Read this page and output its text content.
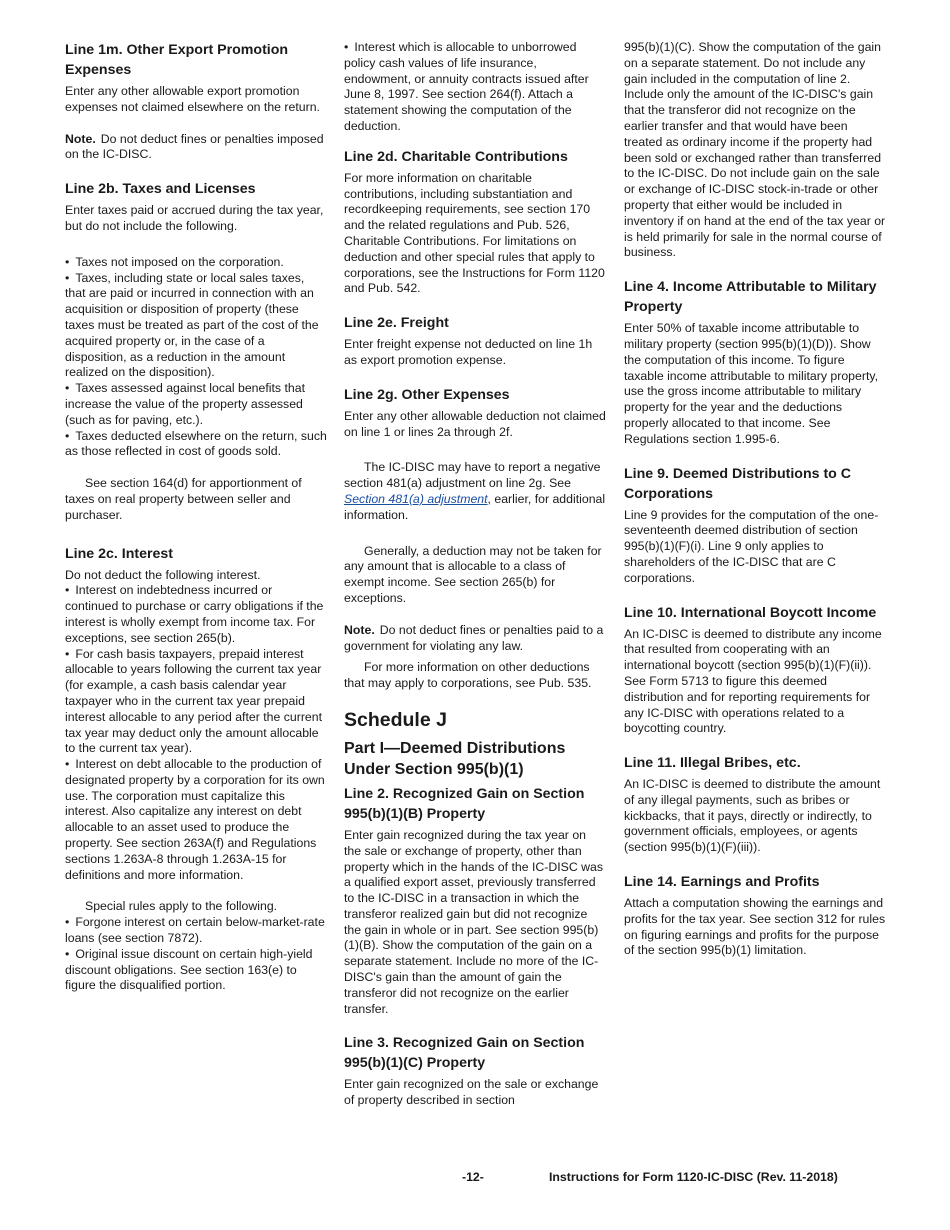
Line 1m. Other Export Promotion Expenses

Enter any other allowable export promotion expenses not claimed elsewhere on the return.

Note. Do not deduct fines or penalties imposed on the IC-DISC.

Line 2b. Taxes and Licenses

Enter taxes paid or accrued during the tax year, but do not include the following.

• Taxes not imposed on the corporation.
• Taxes, including state or local sales taxes, that are paid or incurred in connection with an acquisition or disposition of property (these taxes must be treated as part of the cost of the acquired property or, in the case of a disposition, as a reduction in the amount realized on the disposition).
• Taxes assessed against local benefits that increase the value of the property assessed (such as for paving, etc.).
• Taxes deducted elsewhere on the return, such as those reflected in cost of goods sold.

See section 164(d) for apportionment of taxes on real property between seller and purchaser.

Line 2c. Interest

Do not deduct the following interest.

• Interest on indebtedness incurred or continued to purchase or carry obligations if the interest is wholly exempt from income tax. For exceptions, see section 265(b).
• For cash basis taxpayers, prepaid interest allocable to years following the current tax year (for example, a cash basis calendar year taxpayer who in the current tax year prepaid interest allocable to any period after the current tax year may deduct only the amount allocable to the current tax year).
• Interest on debt allocable to the production of designated property by a corporation for its own use. The corporation must capitalize this interest. Also capitalize any interest on debt allocable to an asset used to produce the property. See section 263A(f) and Regulations sections 1.263A-8 through 1.263A-15 for definitions and more information.

Special rules apply to the following.

• Forgone interest on certain below-market-rate loans (see section 7872).
• Original issue discount on certain high-yield discount obligations. See section 163(e) to figure the disqualified portion.
• Interest which is allocable to unborrowed policy cash values of life insurance, endowment, or annuity contracts issued after June 8, 1997. See section 264(f). Attach a statement showing the computation of the deduction.
Line 2d. Charitable Contributions

For more information on charitable contributions, including substantiation and recordkeeping requirements, see section 170 and the related regulations and Pub. 526, Charitable Contributions. For limitations on deduction and other special rules that apply to corporations, see the Instructions for Form 1120 and Pub. 542.

Line 2e. Freight

Enter freight expense not deducted on line 1h as export promotion expense.

Line 2g. Other Expenses

Enter any other allowable deduction not claimed on line 1 or lines 2a through 2f.

The IC-DISC may have to report a negative section 481(a) adjustment on line 2g. See Section 481(a) adjustment, earlier, for additional information.

Generally, a deduction may not be taken for any amount that is allocable to a class of exempt income. See section 265(b) for exceptions.

Note. Do not deduct fines or penalties paid to a government for violating any law.

For more information on other deductions that may apply to corporations, see Pub. 535.

Schedule J
Part I—Deemed Distributions Under Section 995(b)(1)
Line 2. Recognized Gain on Section 995(b)(1)(B) Property

Enter gain recognized during the tax year on the sale or exchange of property, other than property which in the hands of the IC-DISC was a qualified export asset, previously transferred to the IC-DISC in a transaction in which the transferor realized gain but did not recognize the gain in whole or in part. See section 995(b)(1)(B). Show the computation of the gain on a separate statement. Include no more of the IC-DISC's gain than the amount of gain the transferor did not recognize on the earlier transfer.

Line 3. Recognized Gain on Section 995(b)(1)(C) Property

Enter gain recognized on the sale or exchange of property described in section

995(b)(1)(C). Show the computation of the gain on a separate statement. Do not include any gain included in the computation of line 2. Include only the amount of the IC-DISC's gain that the transferor did not recognize on the earlier transfer and that would have been treated as ordinary income if the property had been sold or exchanged rather than transferred to the IC-DISC. Do not include gain on the sale or exchange of IC-DISC stock-in-trade or other property that either would be included in inventory if on hand at the end of the tax year or is held primarily for sale in the normal course of business.

Line 4. Income Attributable to Military Property

Enter 50% of taxable income attributable to military property (section 995(b)(1)(D)). Show the computation of this income. To figure taxable income attributable to military property, use the gross income attributable to military property for the year and the deductions properly allocated to that income. See Regulations section 1.995-6.

Line 9. Deemed Distributions to C Corporations

Line 9 provides for the computation of the one-seventeenth deemed distribution of section 995(b)(1)(F)(i). Line 9 only applies to shareholders of the IC-DISC that are C corporations.

Line 10. International Boycott Income

An IC-DISC is deemed to distribute any income that resulted from cooperating with an international boycott (section 995(b)(1)(F)(ii)). See Form 5713 to figure this deemed distribution and for reporting requirements for any IC-DISC with operations related to a boycotting country.

Line 11. Illegal Bribes, etc.

An IC-DISC is deemed to distribute the amount of any illegal payments, such as bribes or kickbacks, that it pays, directly or indirectly, to government officials, employees, or agents (section 995(b)(1)(F)(iii)).

Line 14. Earnings and Profits

Attach a computation showing the earnings and profits for the tax year. See section 312 for rules on figuring earnings and profits for the purpose of the section 995(b)(1) limitation.

-12-	Instructions for Form 1120-IC-DISC (Rev. 11-2018)
